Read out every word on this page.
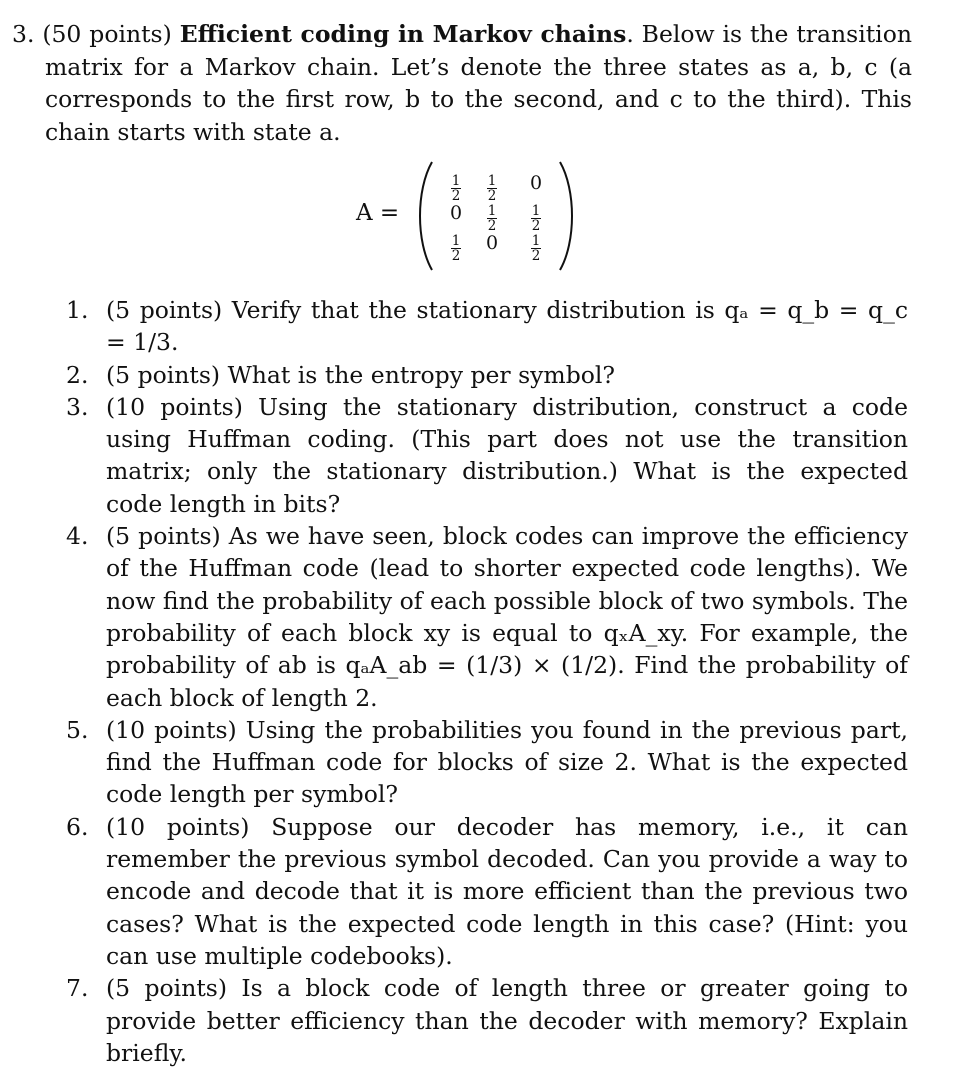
3. (50 points) Efficient coding in Markov chains. Below is the transition matrix for a Markov chain. Let’s denote the three states as a, b, c (a corresponds to the first row, b to the second, and c to the third). This chain starts with state a.
A =
$\frac{1}{2} \frac{1}{2} 0$
$0 \frac{1}{2} \frac{1}{2}$
$\frac{1}{2} 0 \frac{1}{2}$
1. (5 points) Verify that the stationary distribution is qₐ = q_b = q_c = 1/3.
2. (5 points) What is the entropy per symbol?
3. (10 points) Using the stationary distribution, construct a code using Huffman coding. (This part does not use the transition matrix; only the stationary distribution.) What is the expected code length in bits?
4. (5 points) As we have seen, block codes can improve the efficiency of the Huffman code (lead to shorter expected code lengths). We now find the probability of each possible block of two symbols. The probability of each block xy is equal to qₓA_xy. For example, the probability of ab is qₐA_ab = (1/3) × (1/2). Find the probability of each block of length 2.
5. (10 points) Using the probabilities you found in the previous part, find the Huffman code for blocks of size 2. What is the expected code length per symbol?
6. (10 points) Suppose our decoder has memory, i.e., it can remember the previous symbol decoded. Can you provide a way to encode and decode that it is more efficient than the previous two cases? What is the expected code length in this case? (Hint: you can use multiple codebooks).
7. (5 points) Is a block code of length three or greater going to provide better efficiency than the decoder with memory? Explain briefly.
